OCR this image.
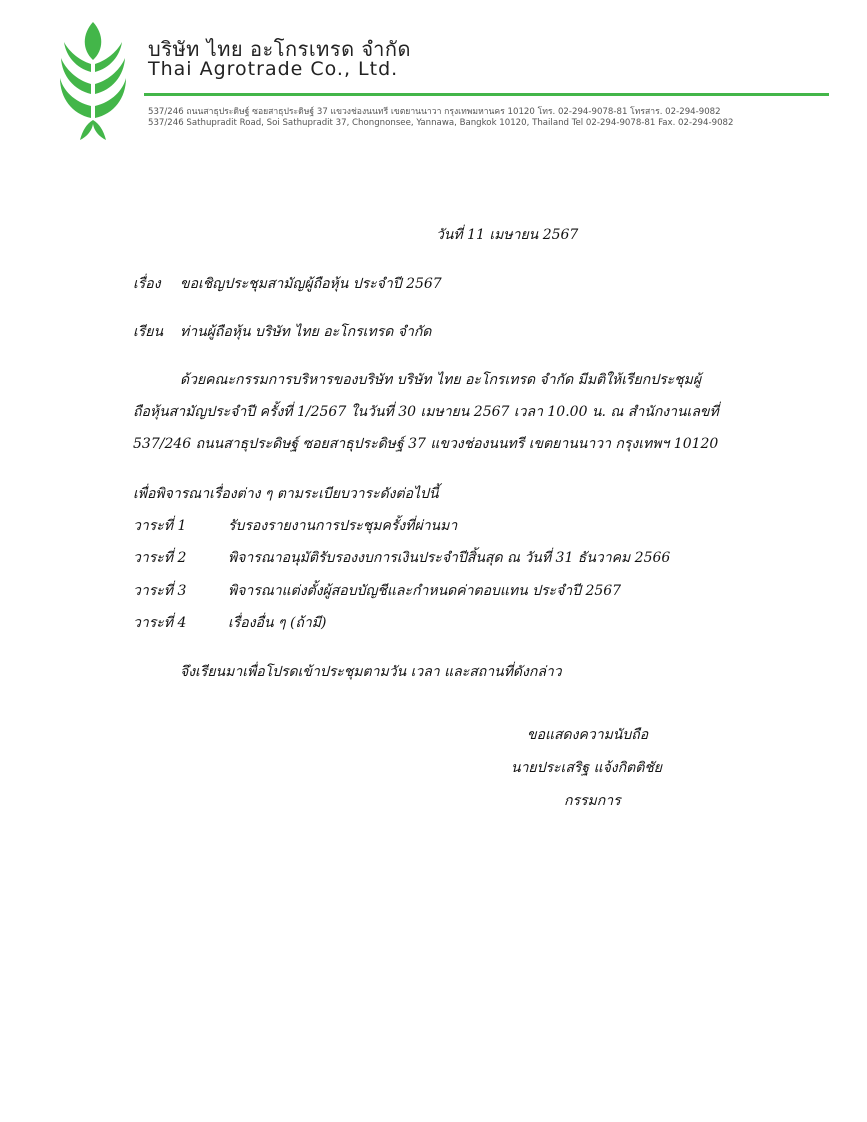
บริษัท ไทย อะโกรเทรด จำกัด
Thai Agrotrade Co., Ltd.
537/246 ถนนสาธุประดิษฐ์ ซอยสาธุประดิษฐ์ 37 แขวงช่องนนทรี เขตยานนาวา กรุงเทพมหานคร 10120 โทร. 02-294-9078-81 โทรสาร. 02-294-9082
537/246 Sathupradit Road, Soi Sathupradit 37, Chongnonsee, Yannawa, Bangkok 10120, Thailand Tel 02-294-9078-81 Fax. 02-294-9082
วันที่ 11 เมษายน 2567
เรื่อง ขอเชิญประชุมสามัญผู้ถือหุ้น ประจำปี 2567
เรียน ท่านผู้ถือหุ้น บริษัท ไทย อะโกรเทรด จำกัด
ด้วยคณะกรรมการบริหารของบริษัท บริษัท ไทย อะโกรเทรด จำกัด มีมติให้เรียกประชุมผู้
ถือหุ้นสามัญประจำปี ครั้งที่ 1/2567 ในวันที่ 30 เมษายน 2567 เวลา 10.00 น. ณ สำนักงานเลขที่
537/246 ถนนสาธุประดิษฐ์ ซอยสาธุประดิษฐ์ 37 แขวงช่องนนทรี เขตยานนาวา กรุงเทพฯ 10120
เพื่อพิจารณาเรื่องต่าง ๆ ตามระเบียบวาระดังต่อไปนี้
วาระที่ 1	รับรองรายงานการประชุมครั้งที่ผ่านมา
วาระที่ 2	พิจารณาอนุมัติรับรองงบการเงินประจำปีสิ้นสุด ณ วันที่ 31 ธันวาคม 2566
วาระที่ 3	พิจารณาแต่งตั้งผู้สอบบัญชีและกำหนดค่าตอบแทน ประจำปี 2567
วาระที่ 4	เรื่องอื่น ๆ (ถ้ามี)
จึงเรียนมาเพื่อโปรดเข้าประชุมตามวัน เวลา และสถานที่ดังกล่าว
ขอแสดงความนับถือ
นายประเสริฐ แจ้งกิตติชัย
กรรมการ
